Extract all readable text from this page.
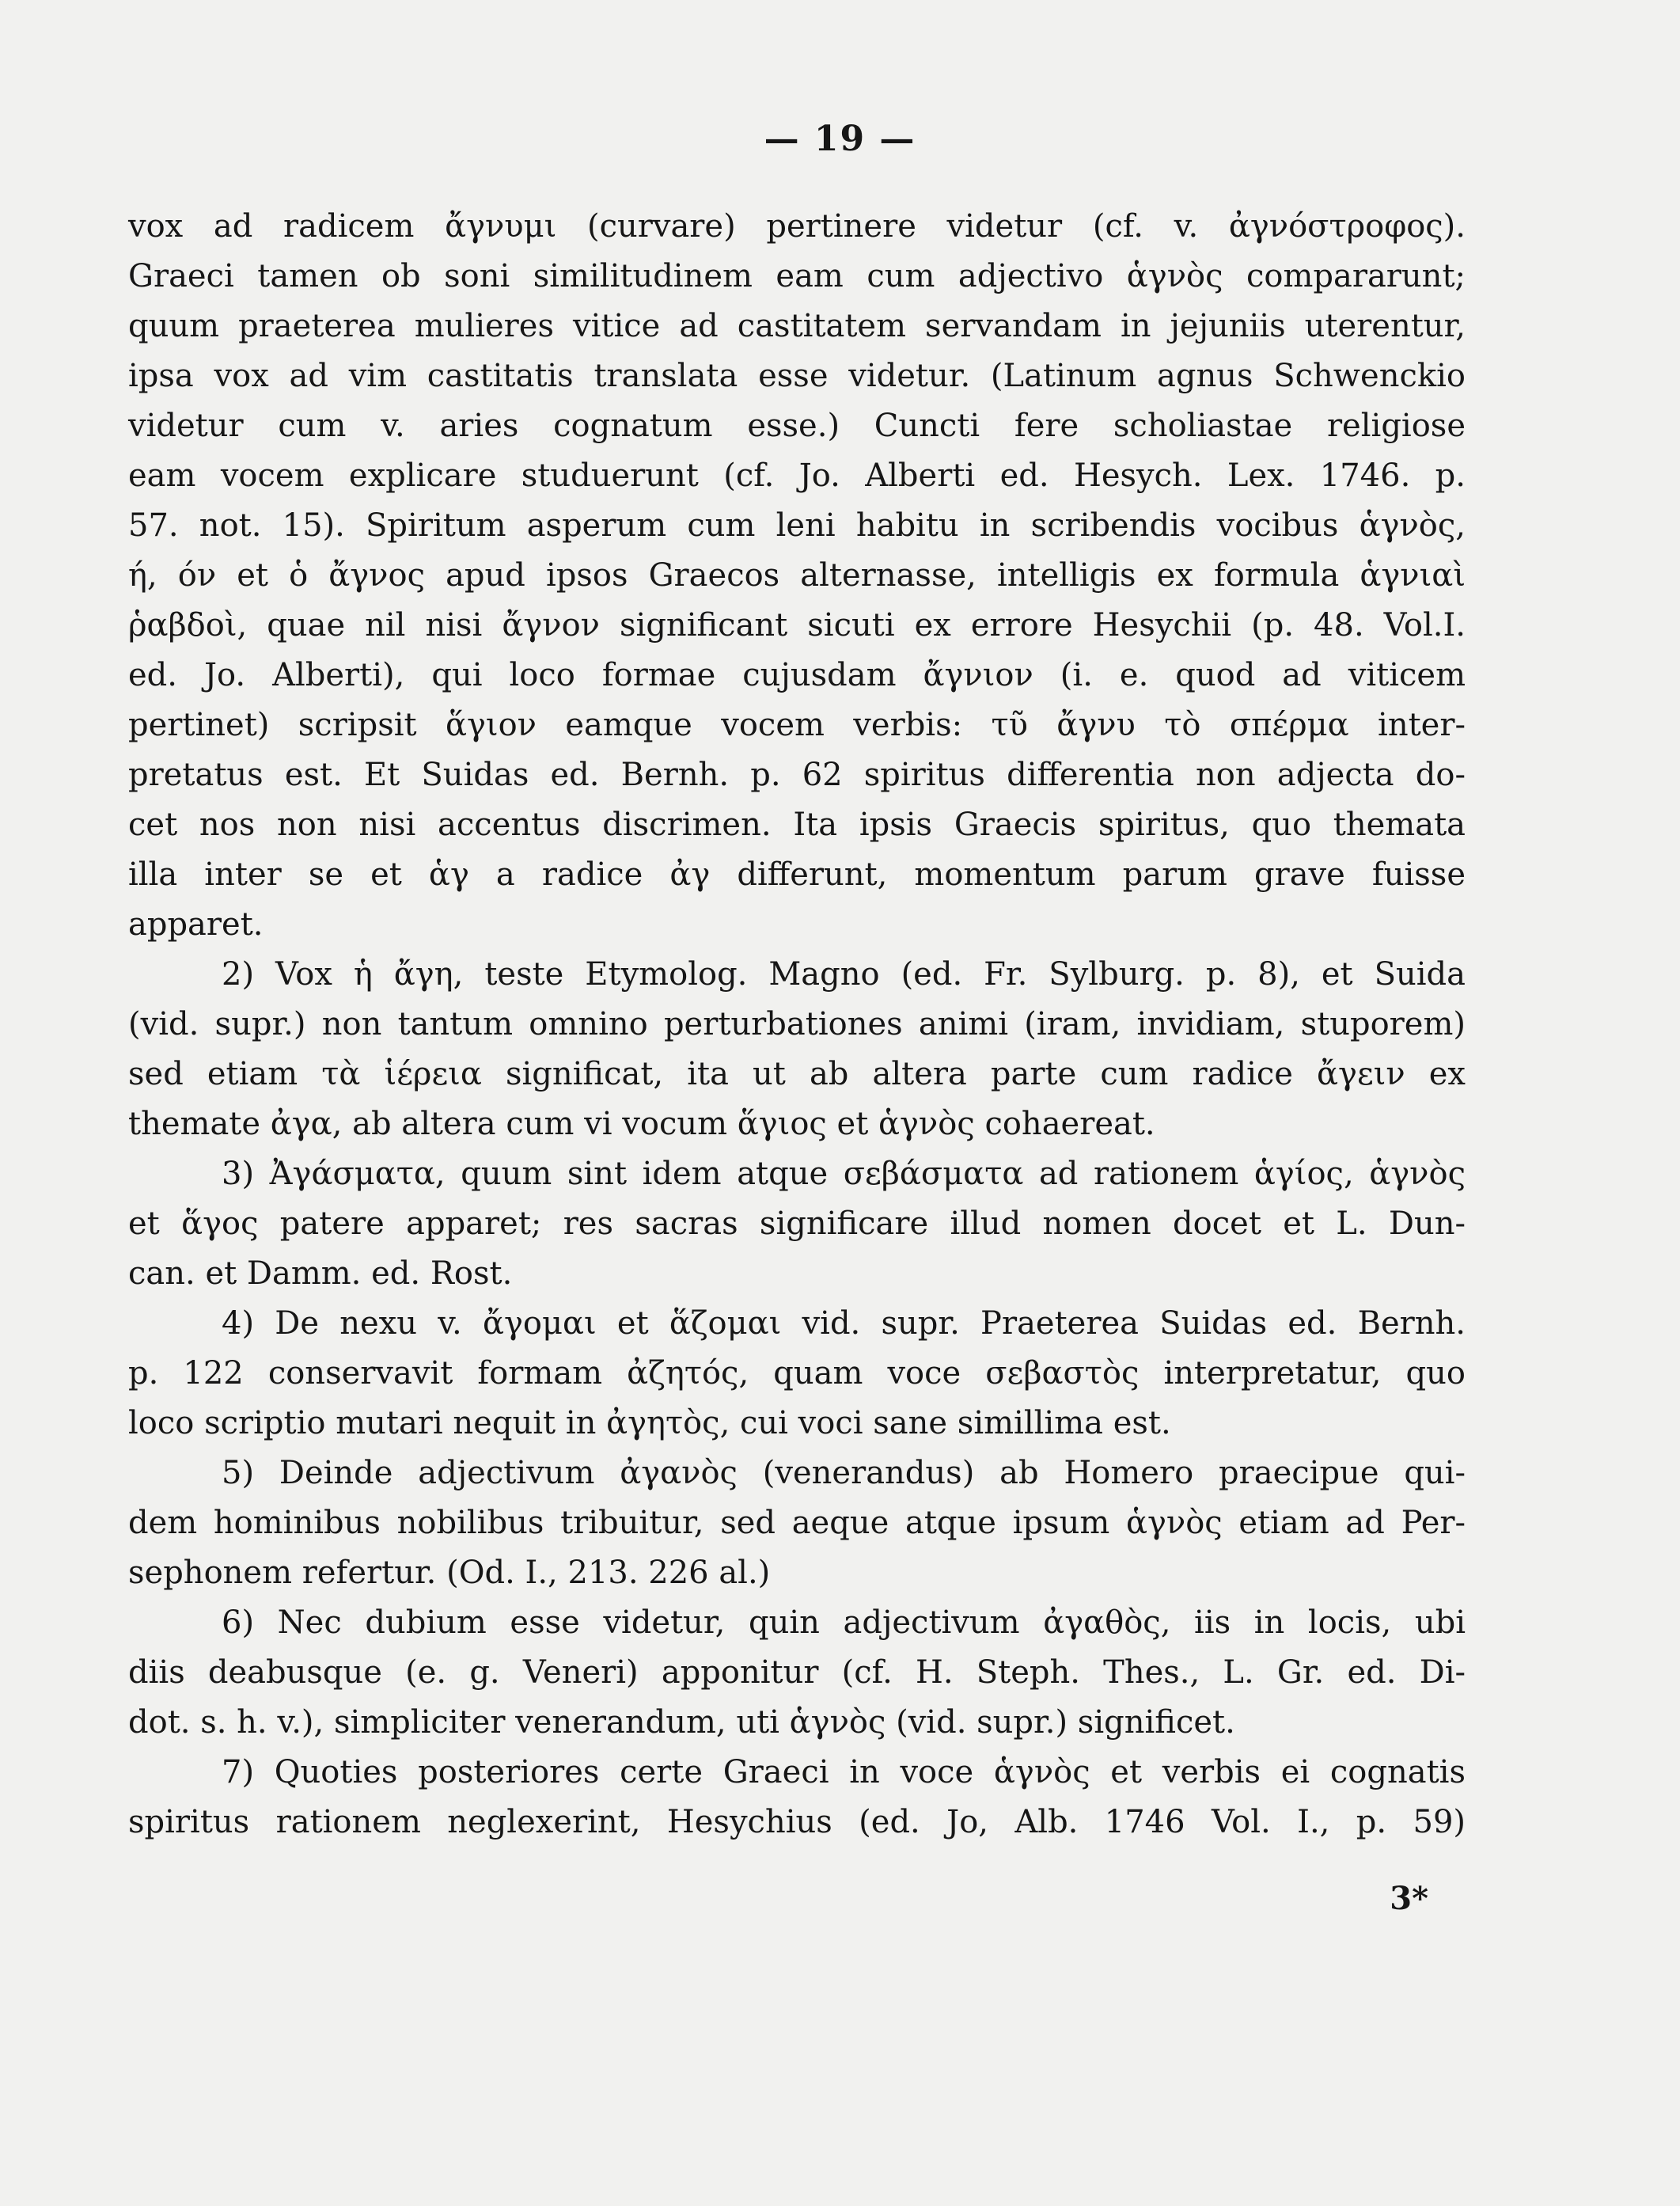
— 19 —
vox ad radicem ἄγνυμι (curvare) pertinere videtur (cf. v. ἀγνόστροφος).
Graeci tamen ob soni similitudinem eam cum adjectivo ἁγνὸς compararunt;
quum praeterea mulieres vitice ad castitatem servandam in jejuniis uterentur,
ipsa vox ad vim castitatis translata esse videtur. (Latinum agnus Schwenckio
videtur cum v. aries cognatum esse.) Cuncti fere scholiastae religiose
eam vocem explicare studuerunt (cf. Jo. Alberti ed. Hesych. Lex. 1746. p.
57. not. 15). Spiritum asperum cum leni habitu in scribendis vocibus ἁγνὸς,
ή, όν et ὁ ἄγνος apud ipsos Graecos alternasse, intelligis ex formula ἁγνιαὶ
ῥαβδοὶ, quae nil nisi ἄγνον significant sicuti ex errore Hesychii (p. 48. Vol.I.
ed. Jo. Alberti), qui loco formae cujusdam ἄγνιον (i. e. quod ad viticem
pertinet) scripsit ἅγιον eamque vocem verbis: τῦ ἄγνυ τὸ σπέρμα inter-
pretatus est. Et Suidas ed. Bernh. p. 62 spiritus differentia non adjecta do-
cet nos non nisi accentus discrimen. Ita ipsis Graecis spiritus, quo themata
illa inter se et ἁγ a radice ἀγ differunt, momentum parum grave fuisse
apparet.
2) Vox ἡ ἄγη, teste Etymolog. Magno (ed. Fr. Sylburg. p. 8), et Suida
(vid. supr.) non tantum omnino perturbationes animi (iram, invidiam, stuporem)
sed etiam τὰ ἱέρεια significat, ita ut ab altera parte cum radice ἄγειν ex
themate ἀγα, ab altera cum vi vocum ἅγιος et ἁγνὸς cohaereat.
3) Ἀγάσματα, quum sint idem atque σεβάσματα ad rationem ἁγίος, ἁγνὸς
et ἅγος patere apparet; res sacras significare illud nomen docet et L. Dun-
can. et Damm. ed. Rost.
4) De nexu v. ἄγομαι et ἅζομαι vid. supr. Praeterea Suidas ed. Bernh.
p. 122 conservavit formam ἀζητός, quam voce σεβαστὸς interpretatur, quo
loco scriptio mutari nequit in ἀγητὸς, cui voci sane simillima est.
5) Deinde adjectivum ἀγανὸς (venerandus) ab Homero praecipue qui-
dem hominibus nobilibus tribuitur, sed aeque atque ipsum ἁγνὸς etiam ad Per-
sephonem refertur. (Od. I., 213. 226 al.)
6) Nec dubium esse videtur, quin adjectivum ἀγαθὸς, iis in locis, ubi
diis deabusque (e. g. Veneri) apponitur (cf. H. Steph. Thes., L. Gr. ed. Di-
dot. s. h. v.), simpliciter venerandum, uti ἁγνὸς (vid. supr.) significet.
7) Quoties posteriores certe Graeci in voce ἁγνὸς et verbis ei cognatis
spiritus rationem neglexerint, Hesychius (ed. Jo, Alb. 1746 Vol. I., p. 59)
3*
